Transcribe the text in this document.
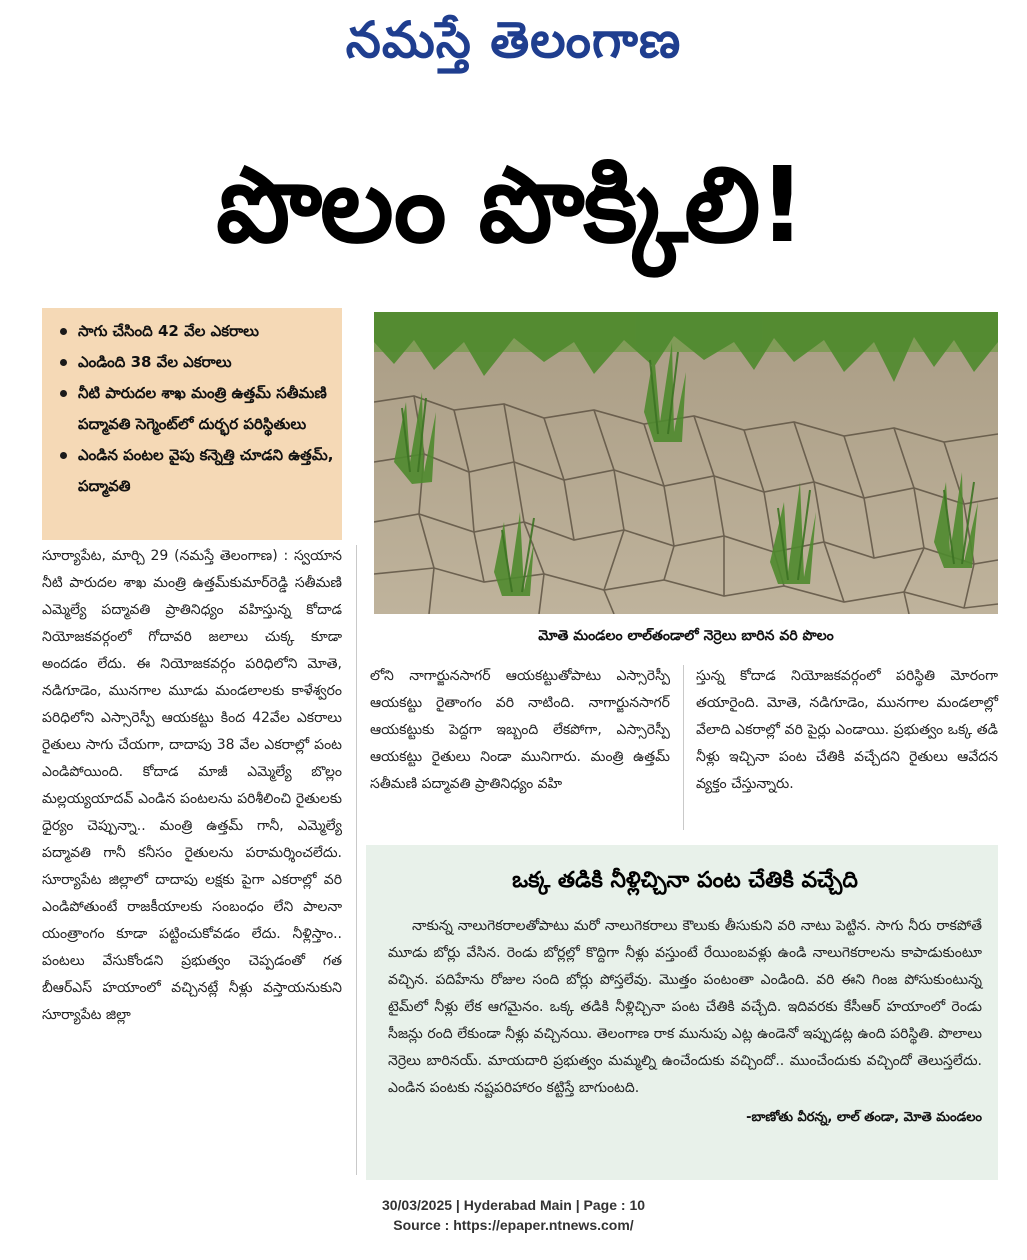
నమస్తే తెలంగాణ
పొలం పొక్కిలి!
సాగు చేసింది 42 వేల ఎకరాలు
ఎండింది 38 వేల ఎకరాలు
నీటి పారుదల శాఖ మంత్రి ఉత్తమ్ సతీమణి పద్మావతి సెగ్మెంట్‌లో దుర్భర పరిస్థితులు
ఎండిన పంటల వైపు కన్నెత్తి చూడని ఉత్తమ్, పద్మావతి
మోతె మండలం లాల్‌తండాలో నెర్రెలు బారిన వరి పొలం
సూర్యాపేట, మార్చి 29 (నమస్తే తెలంగాణ) : స్వయాన నీటి పారుదల శాఖ మంత్రి ఉత్తమ్‌కుమార్‌రెడ్డి సతీమణి ఎమ్మెల్యే పద్మావతి ప్రాతినిధ్యం వహిస్తున్న కోదాడ నియోజకవర్గంలో గోదావరి జలాలు చుక్క కూడా అందడం లేదు. ఈ నియోజకవర్గం పరిధిలోని మోతె, నడిగూడెం, మునగాల మూడు మండలాలకు కాళేశ్వరం పరిధిలోని ఎస్సారెస్పీ ఆయకట్టు కింద 42వేల ఎకరాలు రైతులు సాగు చేయగా, దాదాపు 38 వేల ఎకరాల్లో పంట ఎండిపోయింది. కోదాడ మాజీ ఎమ్మెల్యే బొల్లం మల్లయ్యయాదవ్ ఎండిన పంటలను పరిశీలించి రైతులకు ధైర్యం చెప్పున్నా.. మంత్రి ఉత్తమ్ గానీ, ఎమ్మెల్యే పద్మావతి గానీ కనీసం రైతులను పరామర్శించలేదు. సూర్యాపేట జిల్లాలో దాదాపు లక్షకు పైగా ఎకరాల్లో వరి ఎండిపోతుంటే రాజకీయాలకు సంబంధం లేని పాలనా యంత్రాంగం కూడా పట్టించుకోవడం లేదు. నీళ్లిస్తాం.. పంటలు వేసుకోండని ప్రభుత్వం చెప్పడంతో గత బీఆర్‌ఎస్ హయాంలో వచ్చినట్లే నీళ్లు వస్తాయనుకుని సూర్యాపేట జిల్లా
లోని నాగార్జునసాగర్ ఆయకట్టుతోపాటు ఎస్సారెస్పీ ఆయకట్టు రైతాంగం వరి నాటింది. నాగార్జునసాగర్ ఆయకట్టుకు పెద్దగా ఇబ్బంది లేకపోగా, ఎస్సారెస్పీ ఆయకట్టు రైతులు నిండా మునిగారు. మంత్రి ఉత్తమ్ సతీమణి పద్మావతి ప్రాతినిధ్యం వహి
స్తున్న కోదాడ నియోజకవర్గంలో పరిస్థితి మోరంగా తయారైంది. మోతె, నడిగూడెం, మునగాల మండలాల్లో వేలాది ఎకరాల్లో వరి పైర్లు ఎండాయి. ప్రభుత్వం ఒక్క తడి నీళ్లు ఇచ్చినా పంట చేతికి వచ్చేదని రైతులు ఆవేదన వ్యక్తం చేస్తున్నారు.
ఒక్క తడికి నీళ్లిచ్చినా పంట చేతికి వచ్చేది
నాకున్న నాలుగెకరాలతోపాటు మరో నాలుగెకరాలు కౌలుకు తీసుకుని వరి నాటు పెట్టిన. సాగు నీరు రాకపోతే మూడు బోర్లు వేసిన. రెండు బోర్లల్లో కొద్దిగా నీళ్లు వస్తుంటే రేయింబవళ్లు ఉండి నాలుగెకరాలను కాపాడుకుంటూ వచ్చిన. పదిహేను రోజుల సంది బోర్లు పోస్తలేవు. మొత్తం పంటంతా ఎండింది. వరి ఈని గింజ పోసుకుంటున్న టైమ్‌లో నీళ్లు లేక ఆగమైనం. ఒక్క తడికి నీళ్లిచ్చినా పంట చేతికి వచ్చేది. ఇదివరకు కేసీఆర్ హయాంలో రెండు సీజన్లు రంది లేకుండా నీళ్లు వచ్చినయి. తెలంగాణ రాక మునుపు ఎట్ల ఉండెనో ఇప్పుడట్ల ఉంది పరిస్థితి. పొలాలు నెర్రెలు బారినయ్. మాయదారి ప్రభుత్వం మమ్మల్ని ఉంచేందుకు వచ్చిందో.. ముంచేందుకు వచ్చిందో తెలుస్తలేదు. ఎండిన పంటకు నష్టపరిహారం కట్టిస్తే బాగుంటది.
-బాణోతు వీరన్న, లాల్ తండా, మోతె మండలం
30/03/2025 | Hyderabad Main | Page : 10
Source : https://epaper.ntnews.com/
